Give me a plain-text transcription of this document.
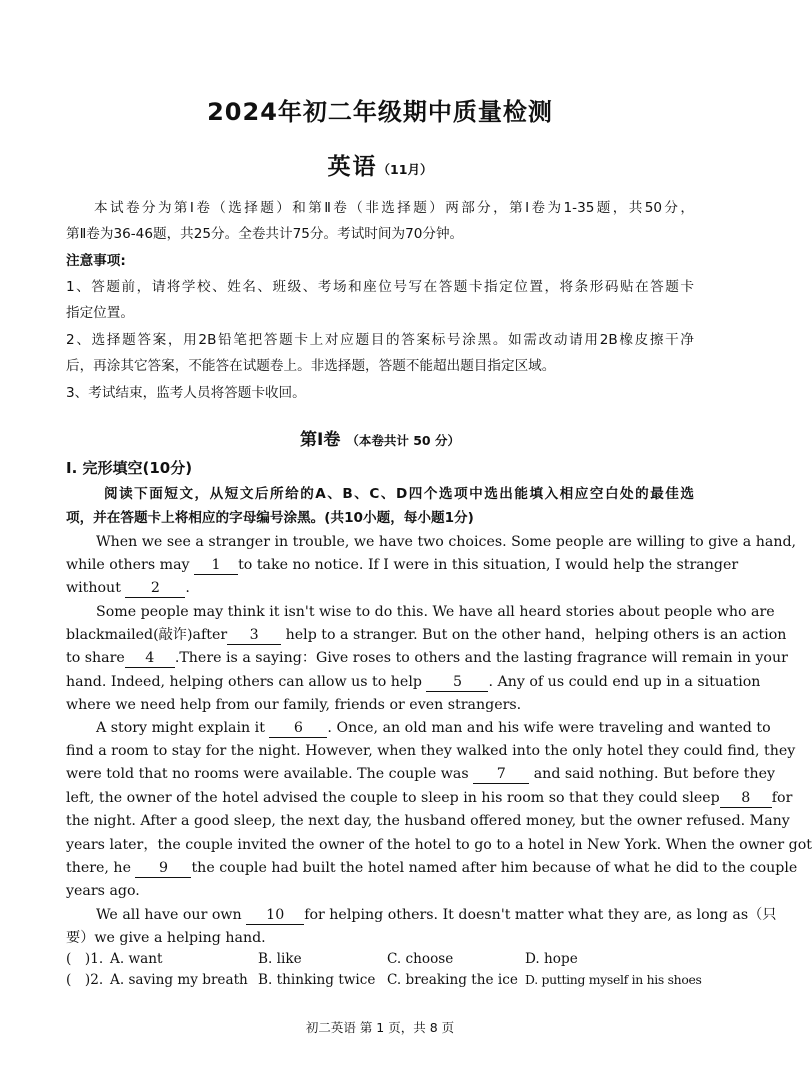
2024年初二年级期中质量检测
英语（11月）
本试卷分为第Ⅰ卷（选择题）和第Ⅱ卷（非选择题）两部分，第Ⅰ卷为1-35题，共50分，
第Ⅱ卷为36-46题，共25分。全卷共计75分。考试时间为70分钟。
注意事项:
1、答题前，请将学校、姓名、班级、考场和座位号写在答题卡指定位置，将条形码贴在答题卡
指定位置。
2、选择题答案，用2B铅笔把答题卡上对应题目的答案标号涂黑。如需改动请用2B橡皮擦干净
后，再涂其它答案，不能答在试题卷上。非选择题，答题不能超出题目指定区域。
3、考试结束，监考人员将答题卡收回。
第Ⅰ卷 （本卷共计 50 分）
I. 完形填空(10分)
阅读下面短文，从短文后所给的A、B、C、D四个选项中选出能填入相应空白处的最佳选
项，并在答题卡上将相应的字母编号涂黑。(共10小题，每小题1分)
When we see a stranger in trouble, we have two choices. Some people are willing to give a hand,
while others may 1 to take no notice. If I were in this situation, I would help the stranger
without 2 .
Some people may think it isn't wise to do this. We have all heard stories about people who are
blackmailed(敲诈)after 3 help to a stranger. But on the other hand，helping others is an action
to share 4 .There is a saying：Give roses to others and the lasting fragrance will remain in your
hand. Indeed, helping others can allow us to help 5 . Any of us could end up in a situation
where we need help from our family, friends or even strangers.
A story might explain it 6 . Once, an old man and his wife were traveling and wanted to
find a room to stay for the night. However, when they walked into the only hotel they could find, they
were told that no rooms were available. The couple was 7 and said nothing. But before they
left, the owner of the hotel advised the couple to sleep in his room so that they could sleep 8 for
the night. After a good sleep, the next day, the husband offered money, but the owner refused. Many
years later，the couple invited the owner of the hotel to go to a hotel in New York. When the owner got
there, he 9 the couple had built the hotel named after him because of what he did to the couple
years ago.
We all have our own 10 for helping others. It doesn't matter what they are, as long as（只
要）we give a helping hand.
(　)1. A. want	B. like	C. choose	D. hope
(　)2. A. saving my breath B. thinking twice C. breaking the ice D. putting myself in his shoes
初二英语 第 1 页，共 8 页
